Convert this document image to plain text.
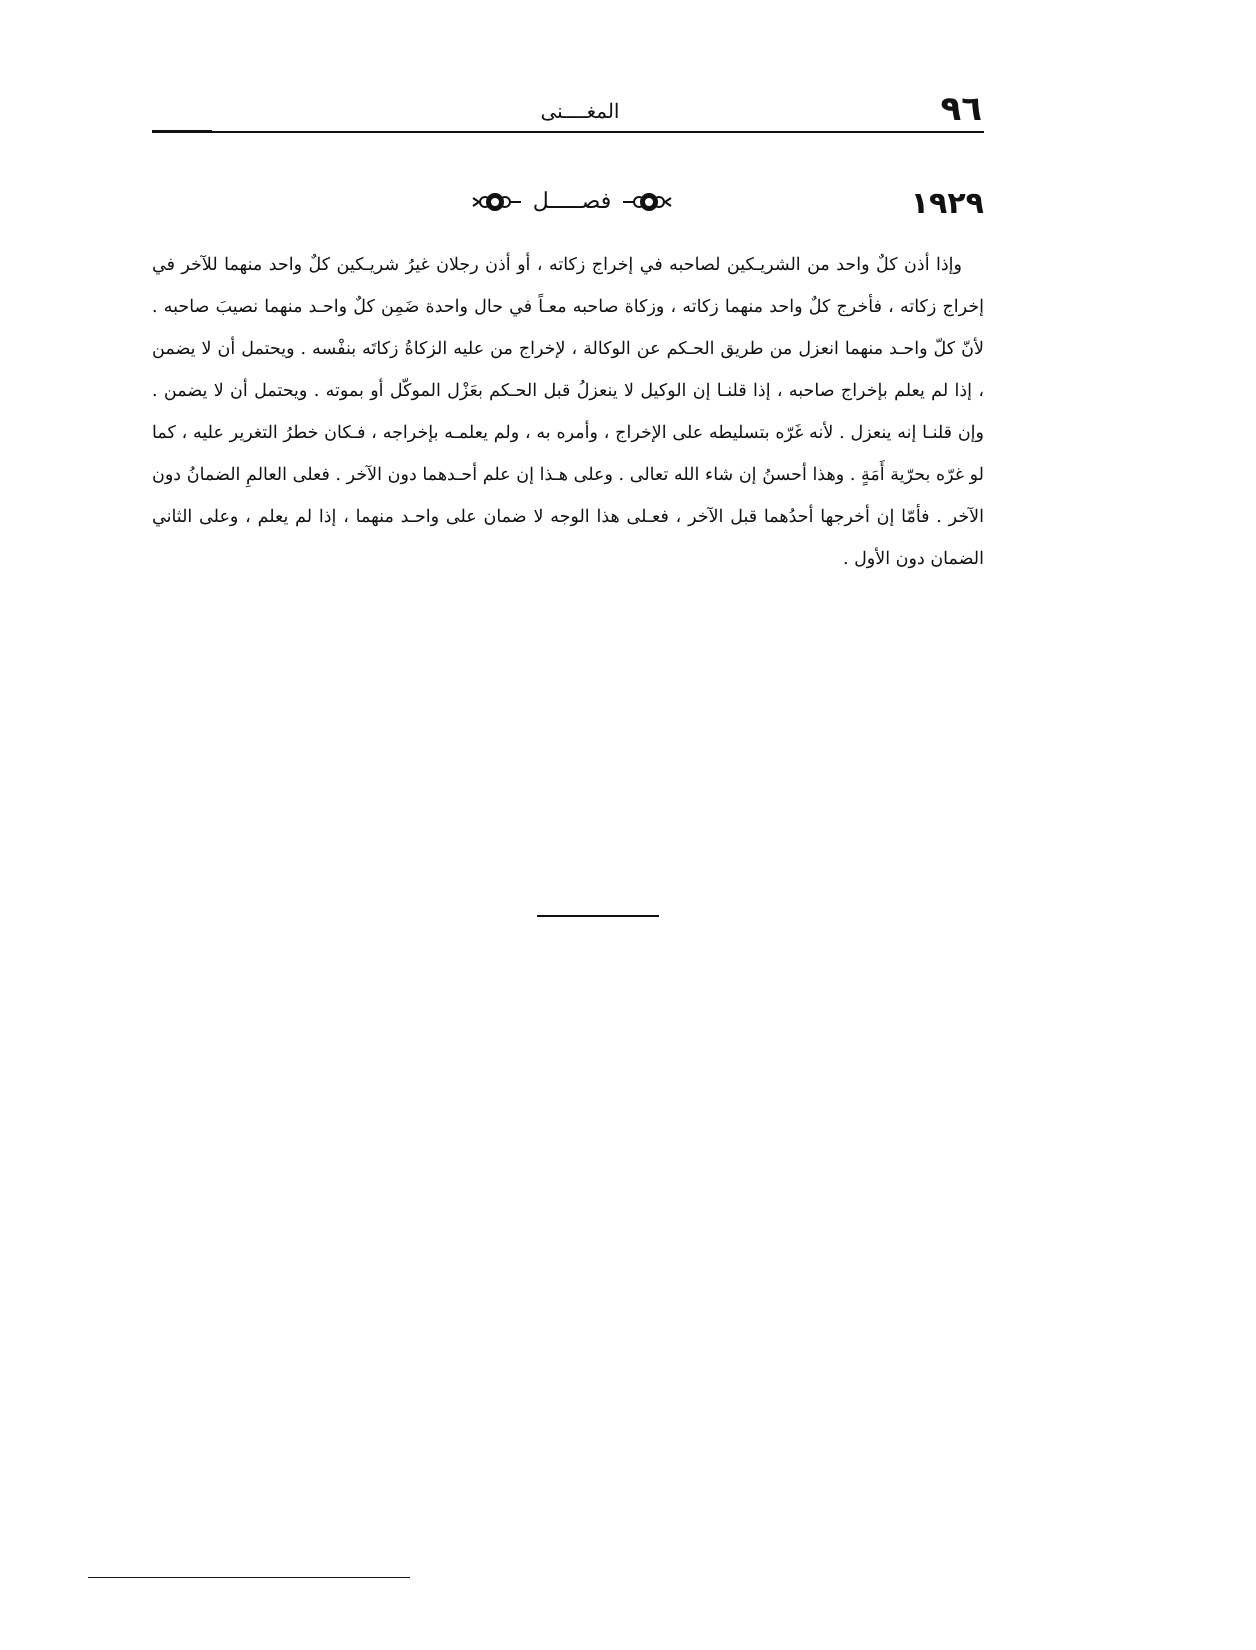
٩٦
المغــــنى
١٩٢٩
فصـــــل

وإذا أذن كلٌ واحد من الشريـكين لصاحبه في إخراج زكاته ، أو أذن رجلان غيرُ شريـكين كلٌ واحد منهما للآخر في إخراج زكاته ، فأخرج كلٌ واحد منهما زكاته ، وزكاة صاحبه معـاً في حال واحدة ضَمِن كلٌ واحـد منهما نصيبَ صاحبه . لأنّ كلّ واحـد منهما انعزل من طريق الحـكم عن الوكالة ، لإخراج من عليه الزكاةُ زكاتَه بنفْسه . ويحتمل أن لا يضمن ، إذا لم يعلم بإخراج صاحبه ، إذا قلنـا إن الوكيل لا ينعزلُ قبل الحـكم بعَزْل الموكّل أو بموته . ويحتمل أن لا يضمن . وإن قلنـا إنه ينعزل . لأنه غَرّه بتسليطه على الإخراج ، وأمره به ، ولم يعلمـه بإخراجه ، فـكان خطرُ التغرير عليه ، كما لو غرّه بحرّية أَمَةٍ . وهذا أحسنُ إن شاء الله تعالى . وعلى هـذا إن علم أحـدهما دون الآخر . فعلى العالمِ الضمانُ دون الآخر . فأمّا إن أخرجها أحدُهما قبل الآخر ، فعـلى هذا الوجه لا ضمان على واحـد منهما ، إذا لم يعلم ، وعلى الثاني الضمان دون الأول .
